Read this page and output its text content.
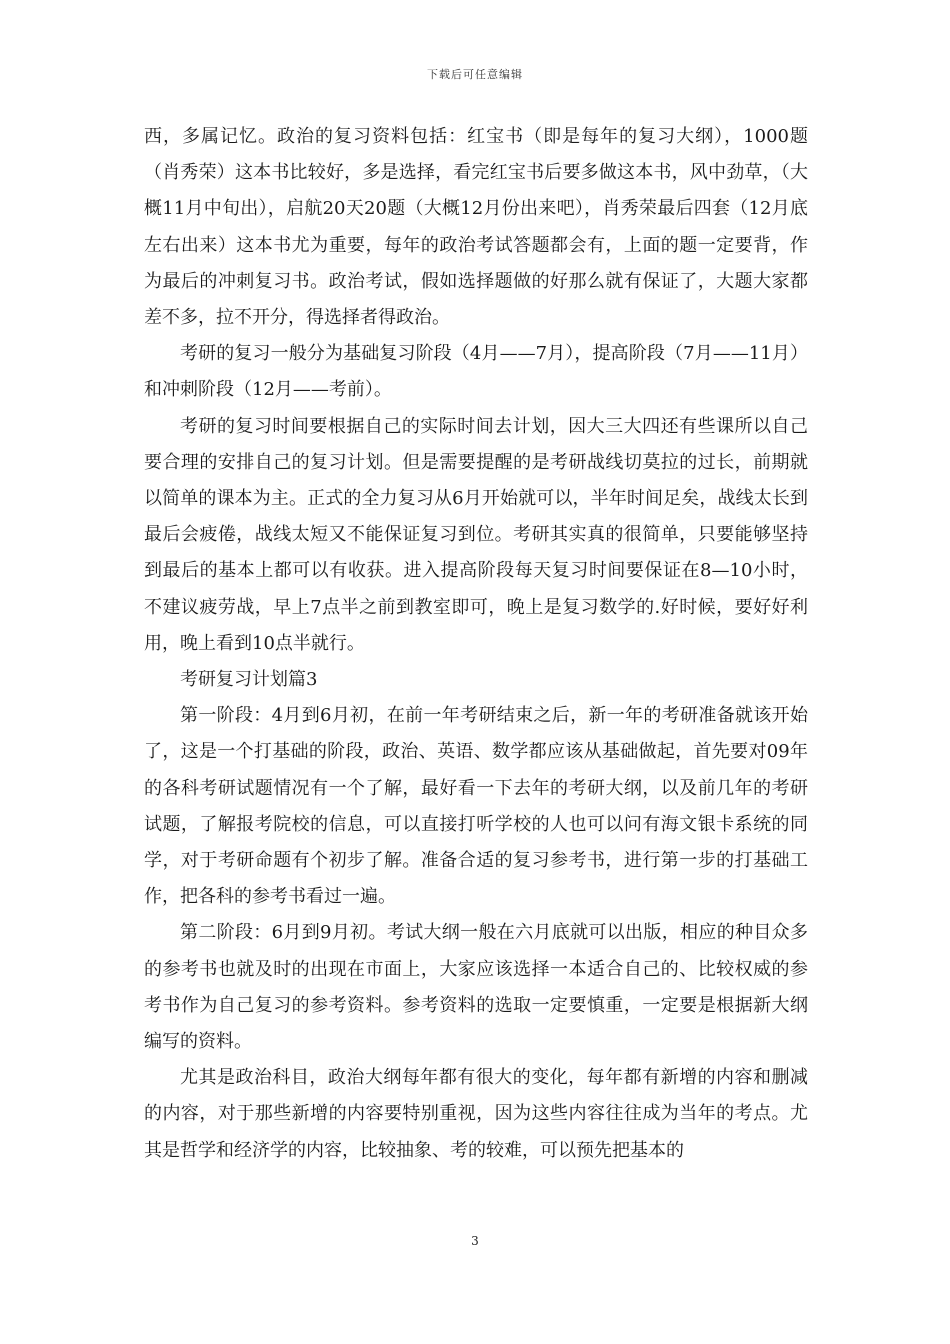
下载后可任意编辑

西，多属记忆。政治的复习资料包括：红宝书（即是每年的复习大纲），1000题（肖秀荣）这本书比较好，多是选择，看完红宝书后要多做这本书，风中劲草，（大概11月中旬出），启航20天20题（大概12月份出来吧），肖秀荣最后四套（12月底左右出来）这本书尤为重要，每年的政治考试答题都会有，上面的题一定要背，作为最后的冲刺复习书。政治考试，假如选择题做的好那么就有保证了，大题大家都差不多，拉不开分，得选择者得政治。

考研的复习一般分为基础复习阶段（4月——7月），提高阶段（7月——11月）和冲刺阶段（12月——考前）。

考研的复习时间要根据自己的实际时间去计划，因大三大四还有些课所以自己要合理的安排自己的复习计划。但是需要提醒的是考研战线切莫拉的过长，前期就以简单的课本为主。正式的全力复习从6月开始就可以，半年时间足矣，战线太长到最后会疲倦，战线太短又不能保证复习到位。考研其实真的很简单，只要能够坚持到最后的基本上都可以有收获。进入提高阶段每天复习时间要保证在8—10小时，不建议疲劳战，早上7点半之前到教室即可，晚上是复习数学的.好时候，要好好利用，晚上看到10点半就行。

考研复习计划篇3

第一阶段：4月到6月初，在前一年考研结束之后，新一年的考研准备就该开始了，这是一个打基础的阶段，政治、英语、数学都应该从基础做起，首先要对09年的各科考研试题情况有一个了解，最好看一下去年的考研大纲，以及前几年的考研试题，了解报考院校的信息，可以直接打听学校的人也可以问有海文银卡系统的同学，对于考研命题有个初步了解。准备合适的复习参考书，进行第一步的打基础工作，把各科的参考书看过一遍。

第二阶段：6月到9月初。考试大纲一般在六月底就可以出版，相应的种目众多的参考书也就及时的出现在市面上，大家应该选择一本适合自己的、比较权威的参考书作为自己复习的参考资料。参考资料的选取一定要慎重，一定要是根据新大纲编写的资料。

尤其是政治科目，政治大纲每年都有很大的变化，每年都有新增的内容和删减的内容，对于那些新增的内容要特别重视，因为这些内容往往成为当年的考点。尤其是哲学和经济学的内容，比较抽象、考的较难，可以预先把基本的

3
